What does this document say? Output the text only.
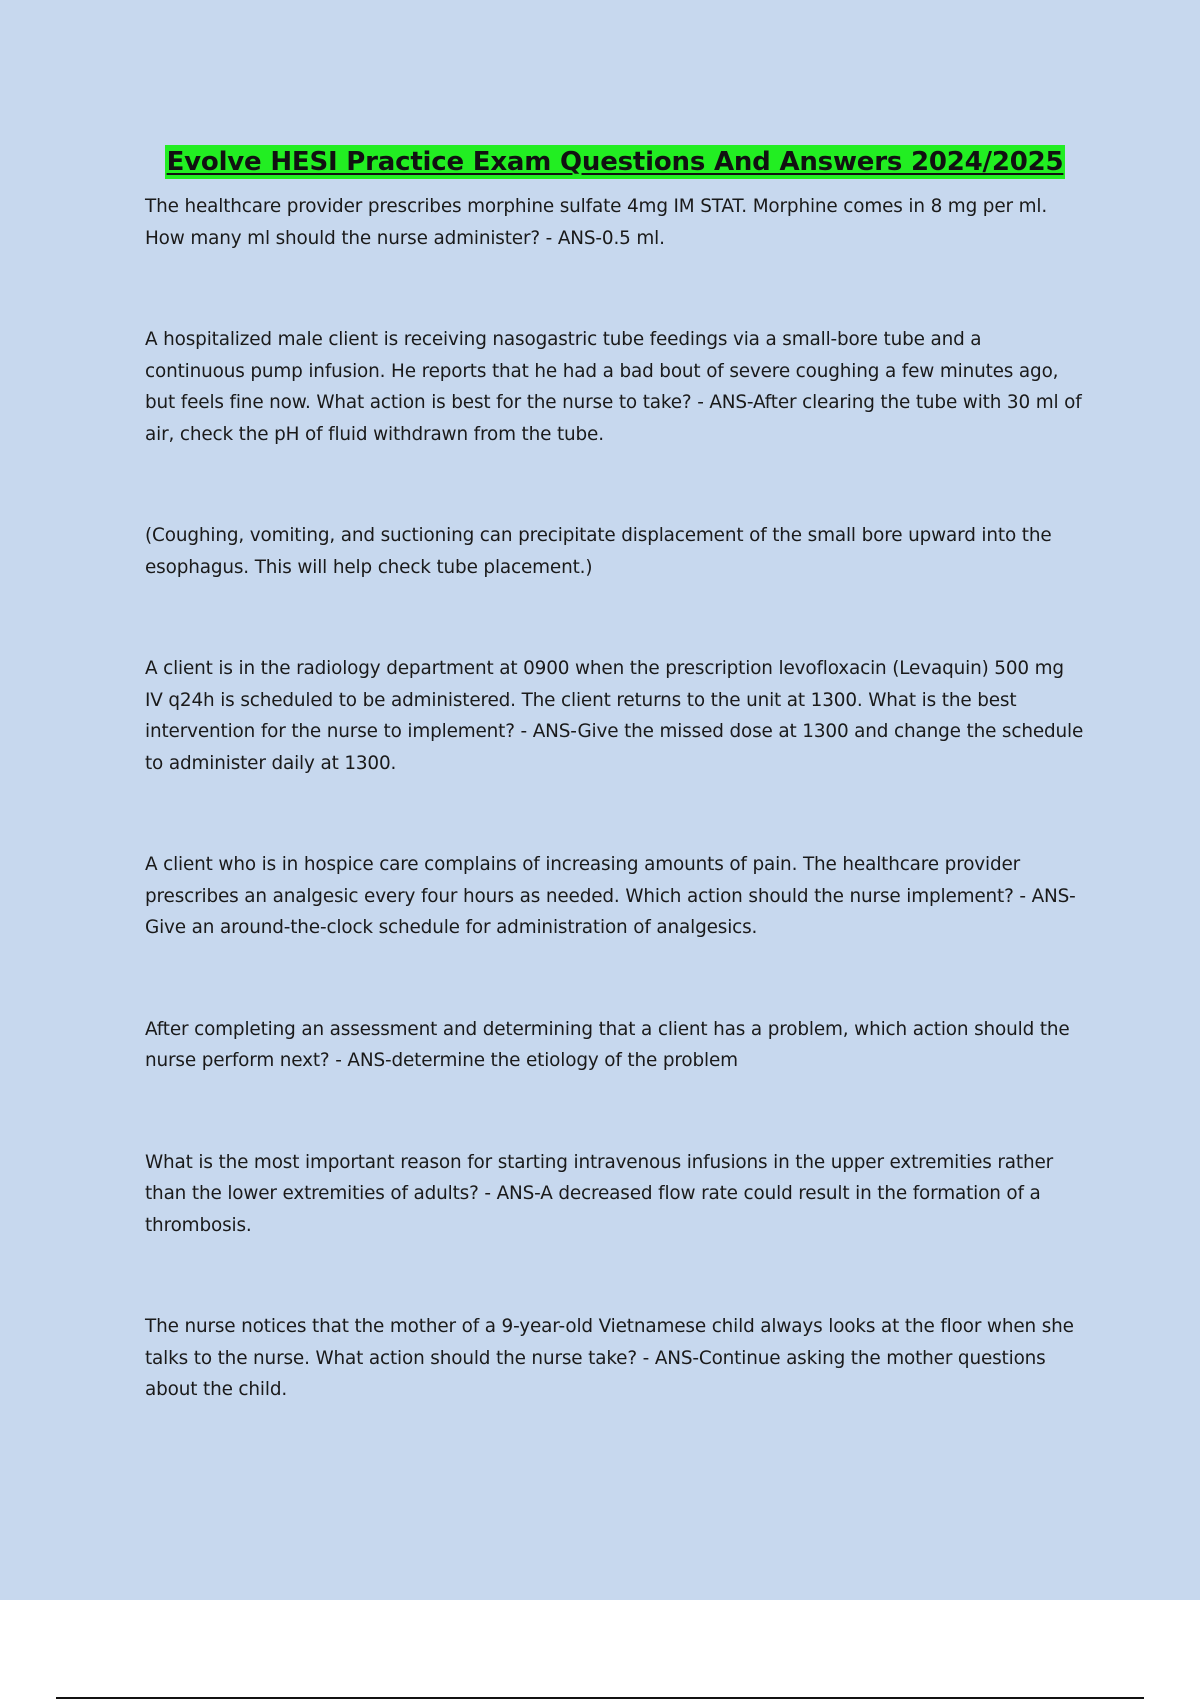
Evolve HESI Practice Exam Questions And Answers 2024/2025

The healthcare provider prescribes morphine sulfate 4mg IM STAT. Morphine comes in 8 mg per ml. How many ml should the nurse administer? - ANS-0.5 ml.

A hospitalized male client is receiving nasogastric tube feedings via a small-bore tube and a continuous pump infusion. He reports that he had a bad bout of severe coughing a few minutes ago, but feels fine now. What action is best for the nurse to take? - ANS-After clearing the tube with 30 ml of air, check the pH of fluid withdrawn from the tube.

(Coughing, vomiting, and suctioning can precipitate displacement of the small bore upward into the esophagus. This will help check tube placement.)

A client is in the radiology department at 0900 when the prescription levofloxacin (Levaquin) 500 mg IV q24h is scheduled to be administered. The client returns to the unit at 1300. What is the best intervention for the nurse to implement? - ANS-Give the missed dose at 1300 and change the schedule to administer daily at 1300.

A client who is in hospice care complains of increasing amounts of pain. The healthcare provider prescribes an analgesic every four hours as needed. Which action should the nurse implement? - ANS-Give an around-the-clock schedule for administration of analgesics.

After completing an assessment and determining that a client has a problem, which action should the nurse perform next? - ANS-determine the etiology of the problem

What is the most important reason for starting intravenous infusions in the upper extremities rather than the lower extremities of adults? - ANS-A decreased flow rate could result in the formation of a thrombosis.

The nurse notices that the mother of a 9-year-old Vietnamese child always looks at the floor when she talks to the nurse. What action should the nurse take? - ANS-Continue asking the mother questions about the child.
